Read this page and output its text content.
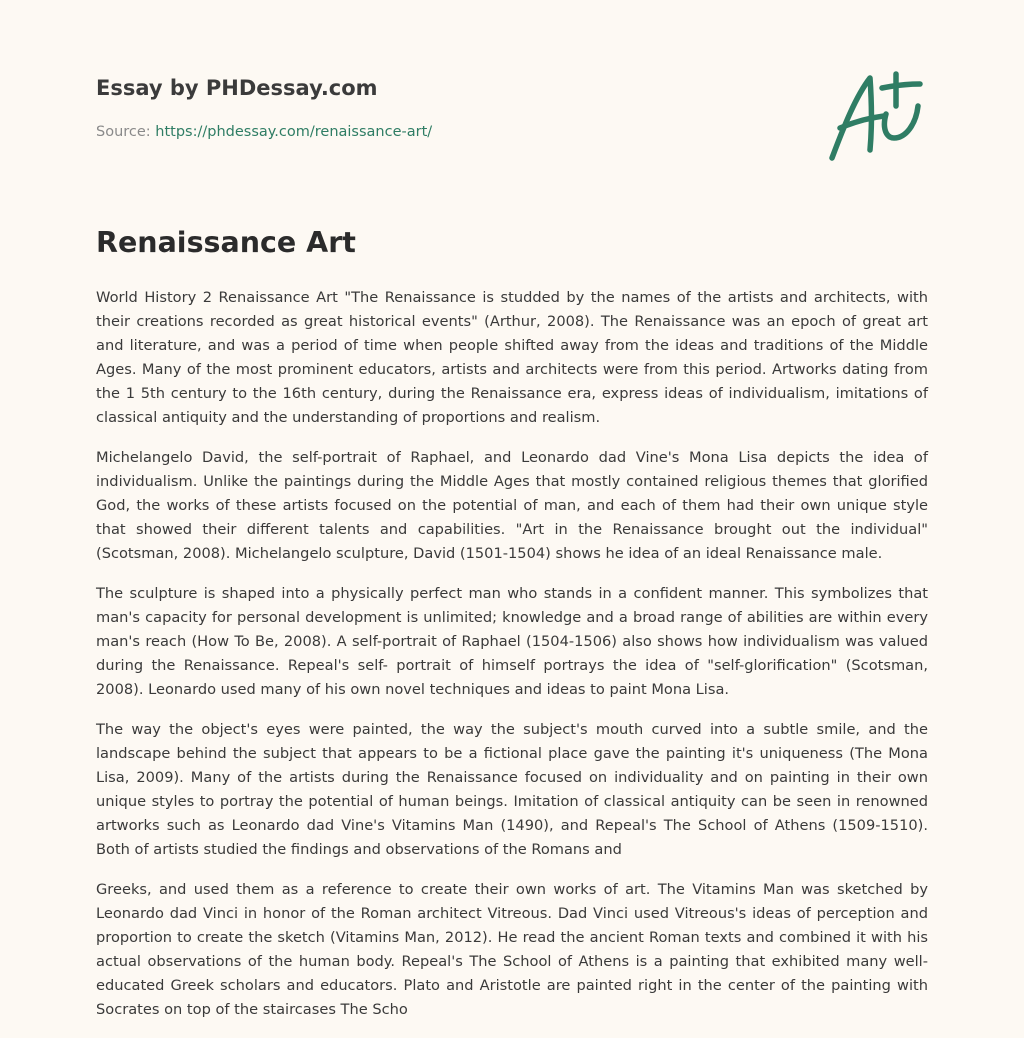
Essay by PHDessay.com
Source: https://phdessay.com/renaissance-art/
Renaissance Art

World History 2 Renaissance Art "The Renaissance is studded by the names of the artists and architects, with their creations recorded as great historical events" (Arthur, 2008). The Renaissance was an epoch of great art and literature, and was a period of time when people shifted away from the ideas and traditions of the Middle Ages. Many of the most prominent educators, artists and architects were from this period. Artworks dating from the 1 5th century to the 16th century, during the Renaissance era, express ideas of individualism, imitations of classical antiquity and the understanding of proportions and realism.

Michelangelo David, the self-portrait of Raphael, and Leonardo dad Vine's Mona Lisa depicts the idea of individualism. Unlike the paintings during the Middle Ages that mostly contained religious themes that glorified God, the works of these artists focused on the potential of man, and each of them had their own unique style that showed their different talents and capabilities. "Art in the Renaissance brought out the individual" (Scotsman, 2008). Michelangelo sculpture, David (1501-1504) shows he idea of an ideal Renaissance male.

The sculpture is shaped into a physically perfect man who stands in a confident manner. This symbolizes that man's capacity for personal development is unlimited; knowledge and a broad range of abilities are within every man's reach (How To Be, 2008). A self-portrait of Raphael (1504-1506) also shows how individualism was valued during the Renaissance. Repeal's self- portrait of himself portrays the idea of "self-glorification" (Scotsman, 2008). Leonardo used many of his own novel techniques and ideas to paint Mona Lisa.

The way the object's eyes were painted, the way the subject's mouth curved into a subtle smile, and the landscape behind the subject that appears to be a fictional place gave the painting it's uniqueness (The Mona Lisa, 2009). Many of the artists during the Renaissance focused on individuality and on painting in their own unique styles to portray the potential of human beings. Imitation of classical antiquity can be seen in renowned artworks such as Leonardo dad Vine's Vitamins Man (1490), and Repeal's The School of Athens (1509-1510). Both of artists studied the findings and observations of the Romans and

Greeks, and used them as a reference to create their own works of art. The Vitamins Man was sketched by Leonardo dad Vinci in honor of the Roman architect Vitreous. Dad Vinci used Vitreous's ideas of perception and proportion to create the sketch (Vitamins Man, 2012). He read the ancient Roman texts and combined it with his actual observations of the human body. Repeal's The School of Athens is a painting that exhibited many well-educated Greek scholars and educators. Plato and Aristotle are painted right in the center of the painting with Socrates on top of the staircases The Scho
